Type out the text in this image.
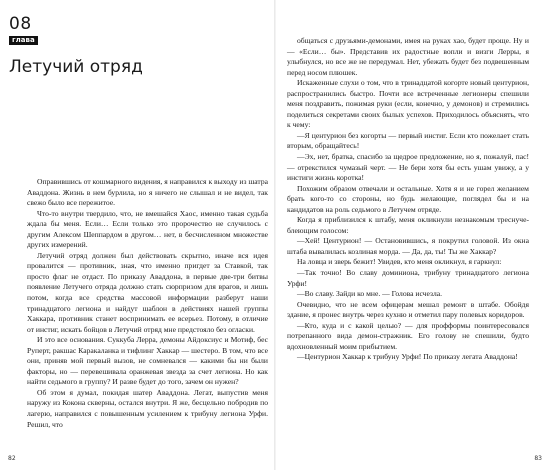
08
глава
Летучий отряд

Оправившись от кошмарного видения, я направился к выходу из шатра Аваддона. Жизнь в нем бурлила, но я ничего не слышал и не видел, так свежо было все пережитое.

Что-то внутри твердило, что, не вмешайся Хаос, именно такая судьба ждала бы меня. Если… Если только это пророчество не случилось с другим Алексом Шеппардом в другом… нет, в бесчисленном множестве других измерений.

Летучий отряд должен был действовать скрытно, иначе вся идея провалится — противник, зная, что именно пригдет за Ставкой, так просто флаг не отдаст. По приказу Аваддона, в первые две-три битвы появление Летучего отряда должно стать сюрпризом для врагов, и лишь потом, когда все средства массовой информации разберут наши тринадцатого легиона и найдут шаблон в действиях нашей группы Хаккара, противник станет воспринимать ее всерьез. Потому, в отличие от инстиг, искать бойцов в Летучий отряд мне предстояло без огласки.

И это все основания. Суккуба Лерра, демоны Айдоксиус и Мотиф, бес Руперт, ракшас Каракаланка и тифлинг Хаккар — шестеро. В том, что все они, приняв мой первый вызов, не сомневался — какими бы ни были факторы, но — перевешивала оранжевая звезда за счет легиона. Но как найти седьмого в группу? И разве будет до того, зачем он нужен?

Об этом я думал, покидая шатер Аваддона. Легат, выпустив меня наружу из Кокона скверны, остался внутри. Я же, бесцельно побродив по лагерю, направился с повышенным усилением к трибуну легиона Урфи. Решил, что

82

общаться с друзьями-демонами, имея на руках хао, будет проще. Ну и — «Если… бы». Представив их радостные вопли и визги Лерры, я улыбнулся, но все же не передумал. Нет, убежать будет без подвешенным перед носом плюшек.

Искаженные слухи о том, что в тринадцатой когорте новый центурион, распространились быстро. Почти все встреченные легионеры спешили меня поздравить, пожимая руки (если, конечно, у демонов) и стремились поделиться секретами своих былых успехов. Приходилось объяснять, что к чему:

—Я центурион без когорты — первый инстиг. Если кто пожелает стать вторым, обращайтесь!

—Эх, нет, братка, спасибо за щедрое предложение, но я, пожалуй, пас! — отрекстился чумазый черт. — Не бери хотя бы есть ушам увижу, а у инстиги жизнь коротка!

Похожим образом отвечали и остальные. Хотя я и не горел желанием брать кого-то со стороны, но будь желающие, поглядел бы и на кандидатов на роль седьмого в Летучем отряде.

Когда я приблизился к штабу, меня окликнули незнакомым треснуче-блеющим голосом:

—Хей! Центурион! — Остановившись, я покрутил головой. Из окна штаба вывалилась козлиная морда. — Да, да, ты! Ты же Хаккар?

На ловца и зверь бежит! Увидев, кто меня окликнул, я гаркнул:

—Так точно! Во славу доминиона, трибуну тринадцатого легиона Урфи!

—Во славу. Зайди ко мне. — Голова исчезла.

Очевидно, что не всем офицерам мешал ремонт в штабе. Обойдя здание, я пронес внутрь через кухню и отметил пару полевых коридоров.

—Кто, куда и с какой целью? — для профформы поинтересовался потрепанного вида демон-стражник. Его голову не спешили, будто вдохновленный моим прибытием.

—Центурион Хаккар к трибуну Урфи! По приказу легата Аваддона!

83
